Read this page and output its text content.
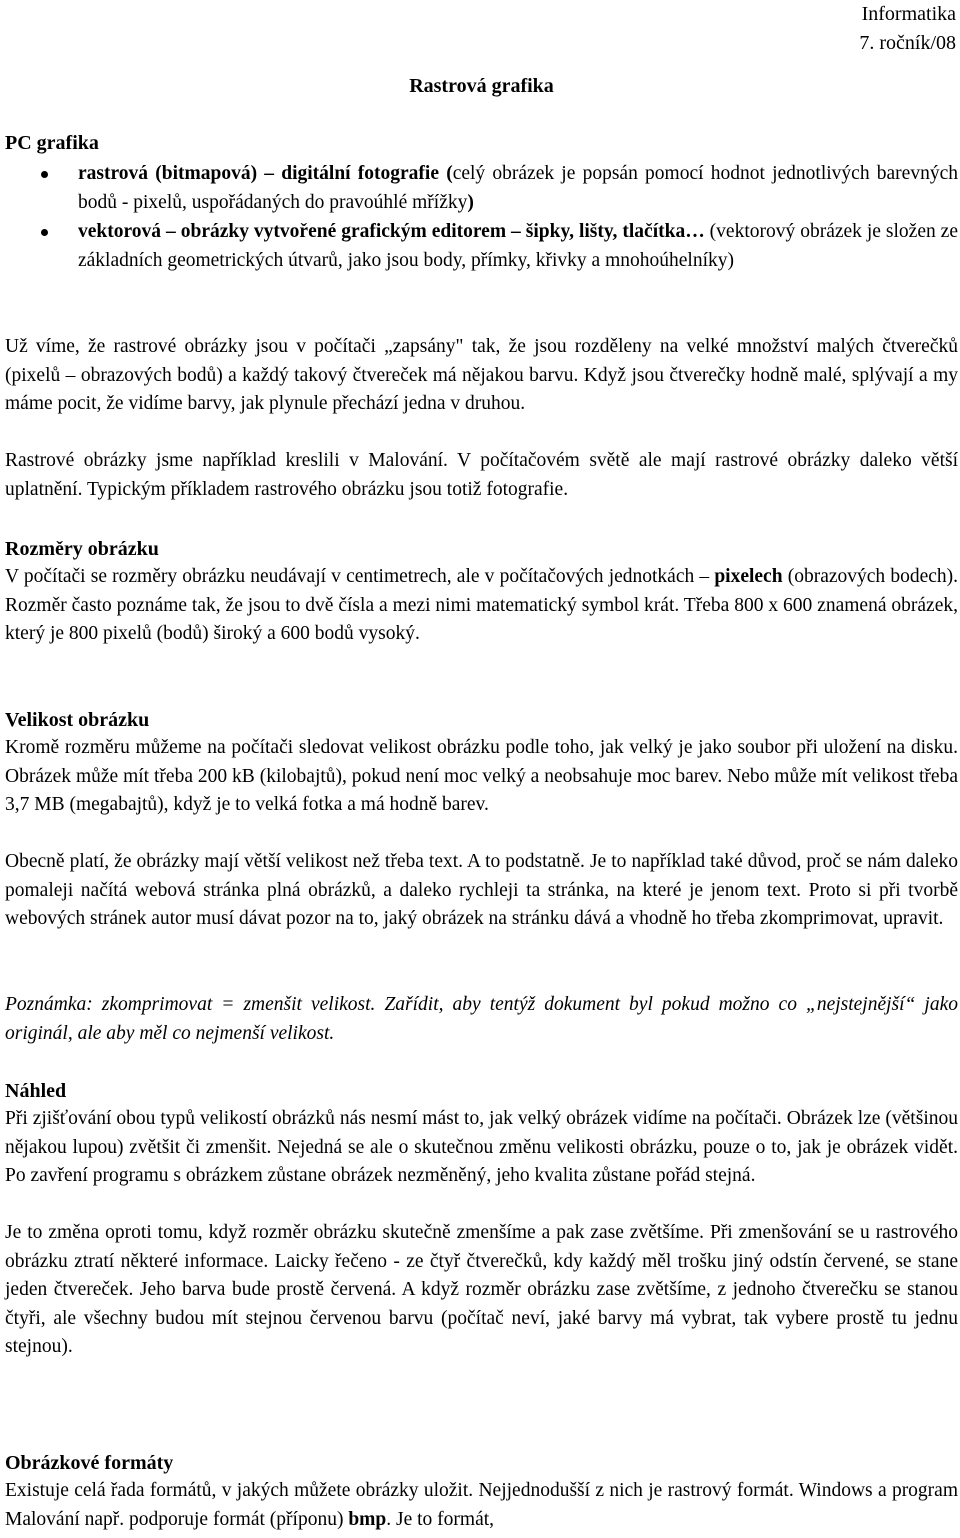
Informatika
7. ročník/08
Rastrová grafika
PC grafika
rastrová (bitmapová) – digitální fotografie (celý obrázek je popsán pomocí hodnot jednotlivých barevných bodů - pixelů, uspořádaných do pravoúhlé mřížky)
vektorová – obrázky vytvořené grafickým editorem – šipky, lišty, tlačítka… (vektorový obrázek je složen ze základních geometrických útvarů, jako jsou body, přímky, křivky a mnohoúhelníky)
Už víme, že rastrové obrázky jsou v počítači „zapsány" tak, že jsou rozděleny na velké množství malých čtverečků (pixelů – obrazových bodů) a každý takový čtvereček má nějakou barvu. Když jsou čtverečky hodně malé, splývají a my máme pocit, že vidíme barvy, jak plynule přechází jedna v druhou.
Rastrové obrázky jsme například kreslili v Malování. V počítačovém světě ale mají rastrové obrázky daleko větší uplatnění. Typickým příkladem rastrového obrázku jsou totiž fotografie.
Rozměry obrázku
V počítači se rozměry obrázku neudávají v centimetrech, ale v počítačových jednotkách – pixelech (obrazových bodech). Rozměr často poznáme tak, že jsou to dvě čísla a mezi nimi matematický symbol krát. Třeba 800 x 600 znamená obrázek, který je 800 pixelů (bodů) široký a 600 bodů vysoký.
Velikost obrázku
Kromě rozměru můžeme na počítači sledovat velikost obrázku podle toho, jak velký je jako soubor při uložení na disku. Obrázek může mít třeba 200 kB (kilobajtů), pokud není moc velký a neobsahuje moc barev. Nebo může mít velikost třeba 3,7 MB (megabajtů), když je to velká fotka a má hodně barev.
Obecně platí, že obrázky mají větší velikost než třeba text. A to podstatně. Je to například také důvod, proč se nám daleko pomaleji načítá webová stránka plná obrázků, a daleko rychleji ta stránka, na které je jenom text. Proto si při tvorbě webových stránek autor musí dávat pozor na to, jaký obrázek na stránku dává a vhodně ho třeba zkomprimovat, upravit.
Poznámka: zkomprimovat = zmenšit velikost. Zařídit, aby tentýž dokument byl pokud možno co „nejstejnější“ jako originál, ale aby měl co nejmenší velikost.
Náhled
Při zjišťování obou typů velikostí obrázků nás nesmí mást to, jak velký obrázek vidíme na počítači. Obrázek lze (většinou nějakou lupou) zvětšit či zmenšit. Nejedná se ale o skutečnou změnu velikosti obrázku, pouze o to, jak je obrázek vidět. Po zavření programu s obrázkem zůstane obrázek nezměněný, jeho kvalita zůstane pořád stejná.
Je to změna oproti tomu, když rozměr obrázku skutečně zmenšíme a pak zase zvětšíme. Při zmenšování se u rastrového obrázku ztratí některé informace. Laicky řečeno - ze čtyř čtverečků, kdy každý měl trošku jiný odstín červené, se stane jeden čtvereček. Jeho barva bude prostě červená. A když rozměr obrázku zase zvětšíme, z jednoho čtverečku se stanou čtyři, ale všechny budou mít stejnou červenou barvu (počítač neví, jaké barvy má vybrat, tak vybere prostě tu jednu stejnou).
Obrázkové formáty
Existuje celá řada formátů, v jakých můžete obrázky uložit. Nejjednodušší z nich je rastrový formát. Windows a program Malování např. podporuje formát (příponu) bmp. Je to formát,
